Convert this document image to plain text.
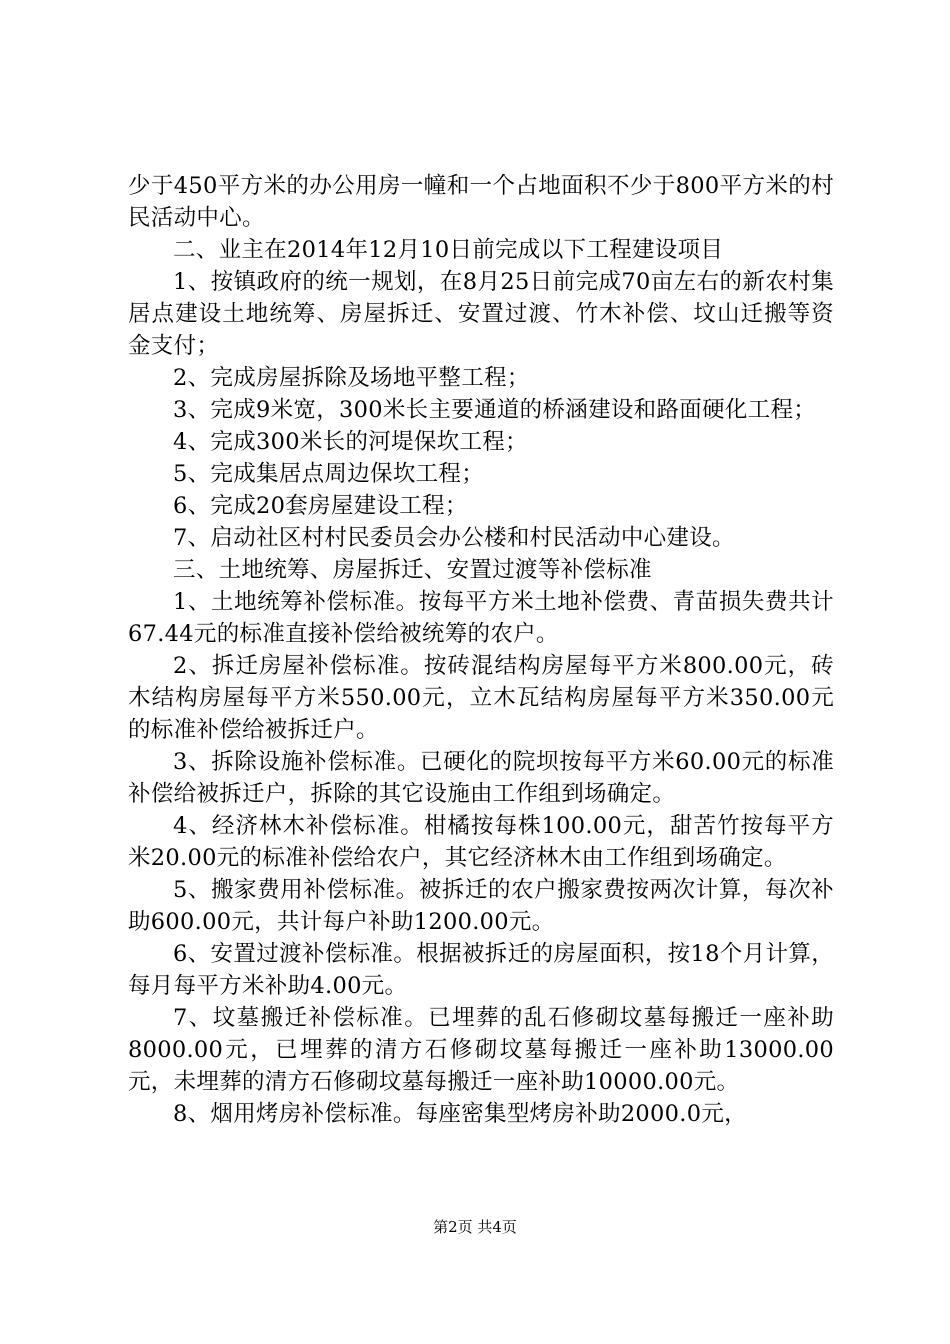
少于450平方米的办公用房一幢和一个占地面积不少于800平方米的村民活动中心。

二、业主在2014年12月10日前完成以下工程建设项目

1、按镇政府的统一规划，在8月25日前完成70亩左右的新农村集居点建设土地统筹、房屋拆迁、安置过渡、竹木补偿、坟山迁搬等资金支付；

2、完成房屋拆除及场地平整工程；

3、完成9米宽，300米长主要通道的桥涵建设和路面硬化工程；

4、完成300米长的河堤保坎工程；

5、完成集居点周边保坎工程；

6、完成20套房屋建设工程；

7、启动社区村村民委员会办公楼和村民活动中心建设。

三、土地统筹、房屋拆迁、安置过渡等补偿标准

1、土地统筹补偿标准。按每平方米土地补偿费、青苗损失费共计67.44元的标准直接补偿给被统筹的农户。

2、拆迁房屋补偿标准。按砖混结构房屋每平方米800.00元，砖木结构房屋每平方米550.00元，立木瓦结构房屋每平方米350.00元的标准补偿给被拆迁户。

3、拆除设施补偿标准。已硬化的院坝按每平方米60.00元的标准补偿给被拆迁户，拆除的其它设施由工作组到场确定。

4、经济林木补偿标准。柑橘按每株100.00元，甜苦竹按每平方米20.00元的标准补偿给农户，其它经济林木由工作组到场确定。

5、搬家费用补偿标准。被拆迁的农户搬家费按两次计算，每次补助600.00元，共计每户补助1200.00元。

6、安置过渡补偿标准。根据被拆迁的房屋面积，按18个月计算，每月每平方米补助4.00元。

7、坟墓搬迁补偿标准。已埋葬的乱石修砌坟墓每搬迁一座补助8000.00元，已埋葬的清方石修砌坟墓每搬迁一座补助13000.00元，未埋葬的清方石修砌坟墓每搬迁一座补助10000.00元。

8、烟用烤房补偿标准。每座密集型烤房补助2000.0元，

第2页 共4页
